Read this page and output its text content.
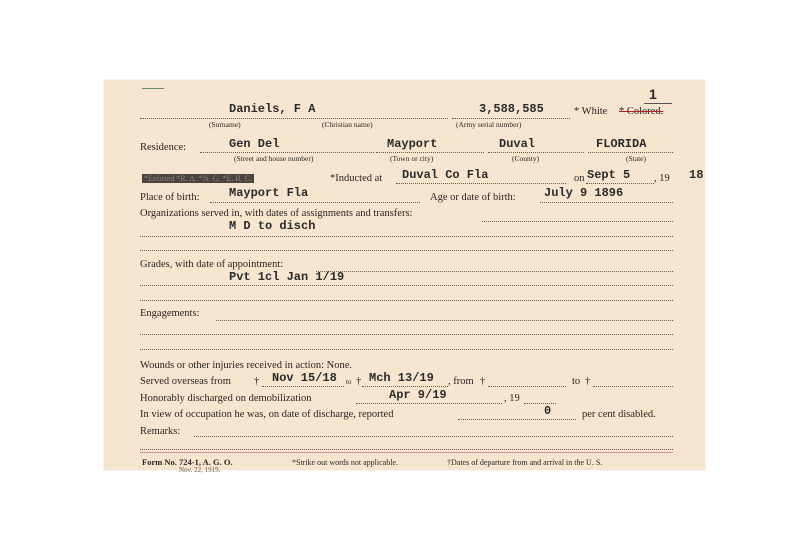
1
Daniels, F A
(Surname)	(Christian name)
3,588,585
(Army serial number)
* White * Colored.
Residence:	Gen Del
(Street and house number)
Mayport
(Town or city)
Duval
(County)
FLORIDA
(State)
*Enlisted *R. A. *N. G. *E. R. C.	*Inducted at Duval Co Fla	on Sept 5 , 19 18
Place of birth: Mayport Fla	Age or date of birth: July 9 1896
Organizations served in, with dates of assignments and transfers:
M D to disch
Grades, with date of appointment:
Pvt 1cl Jan 1/19
Engagements:
Wounds or other injuries received in action: None.
Served overseas from † Nov 15/18 to † Mch 13/19 , from †	to †
Honorably discharged on demobilization	Apr 9/19	, 19
In view of occupation he was, on date of discharge, reported	0	per cent disabled.
Remarks:
Form No. 724-1, A. G. O.
Nov. 22, 1919.
*Strike out words not applicable.	†Dates of departure from and arrival in the U. S.
